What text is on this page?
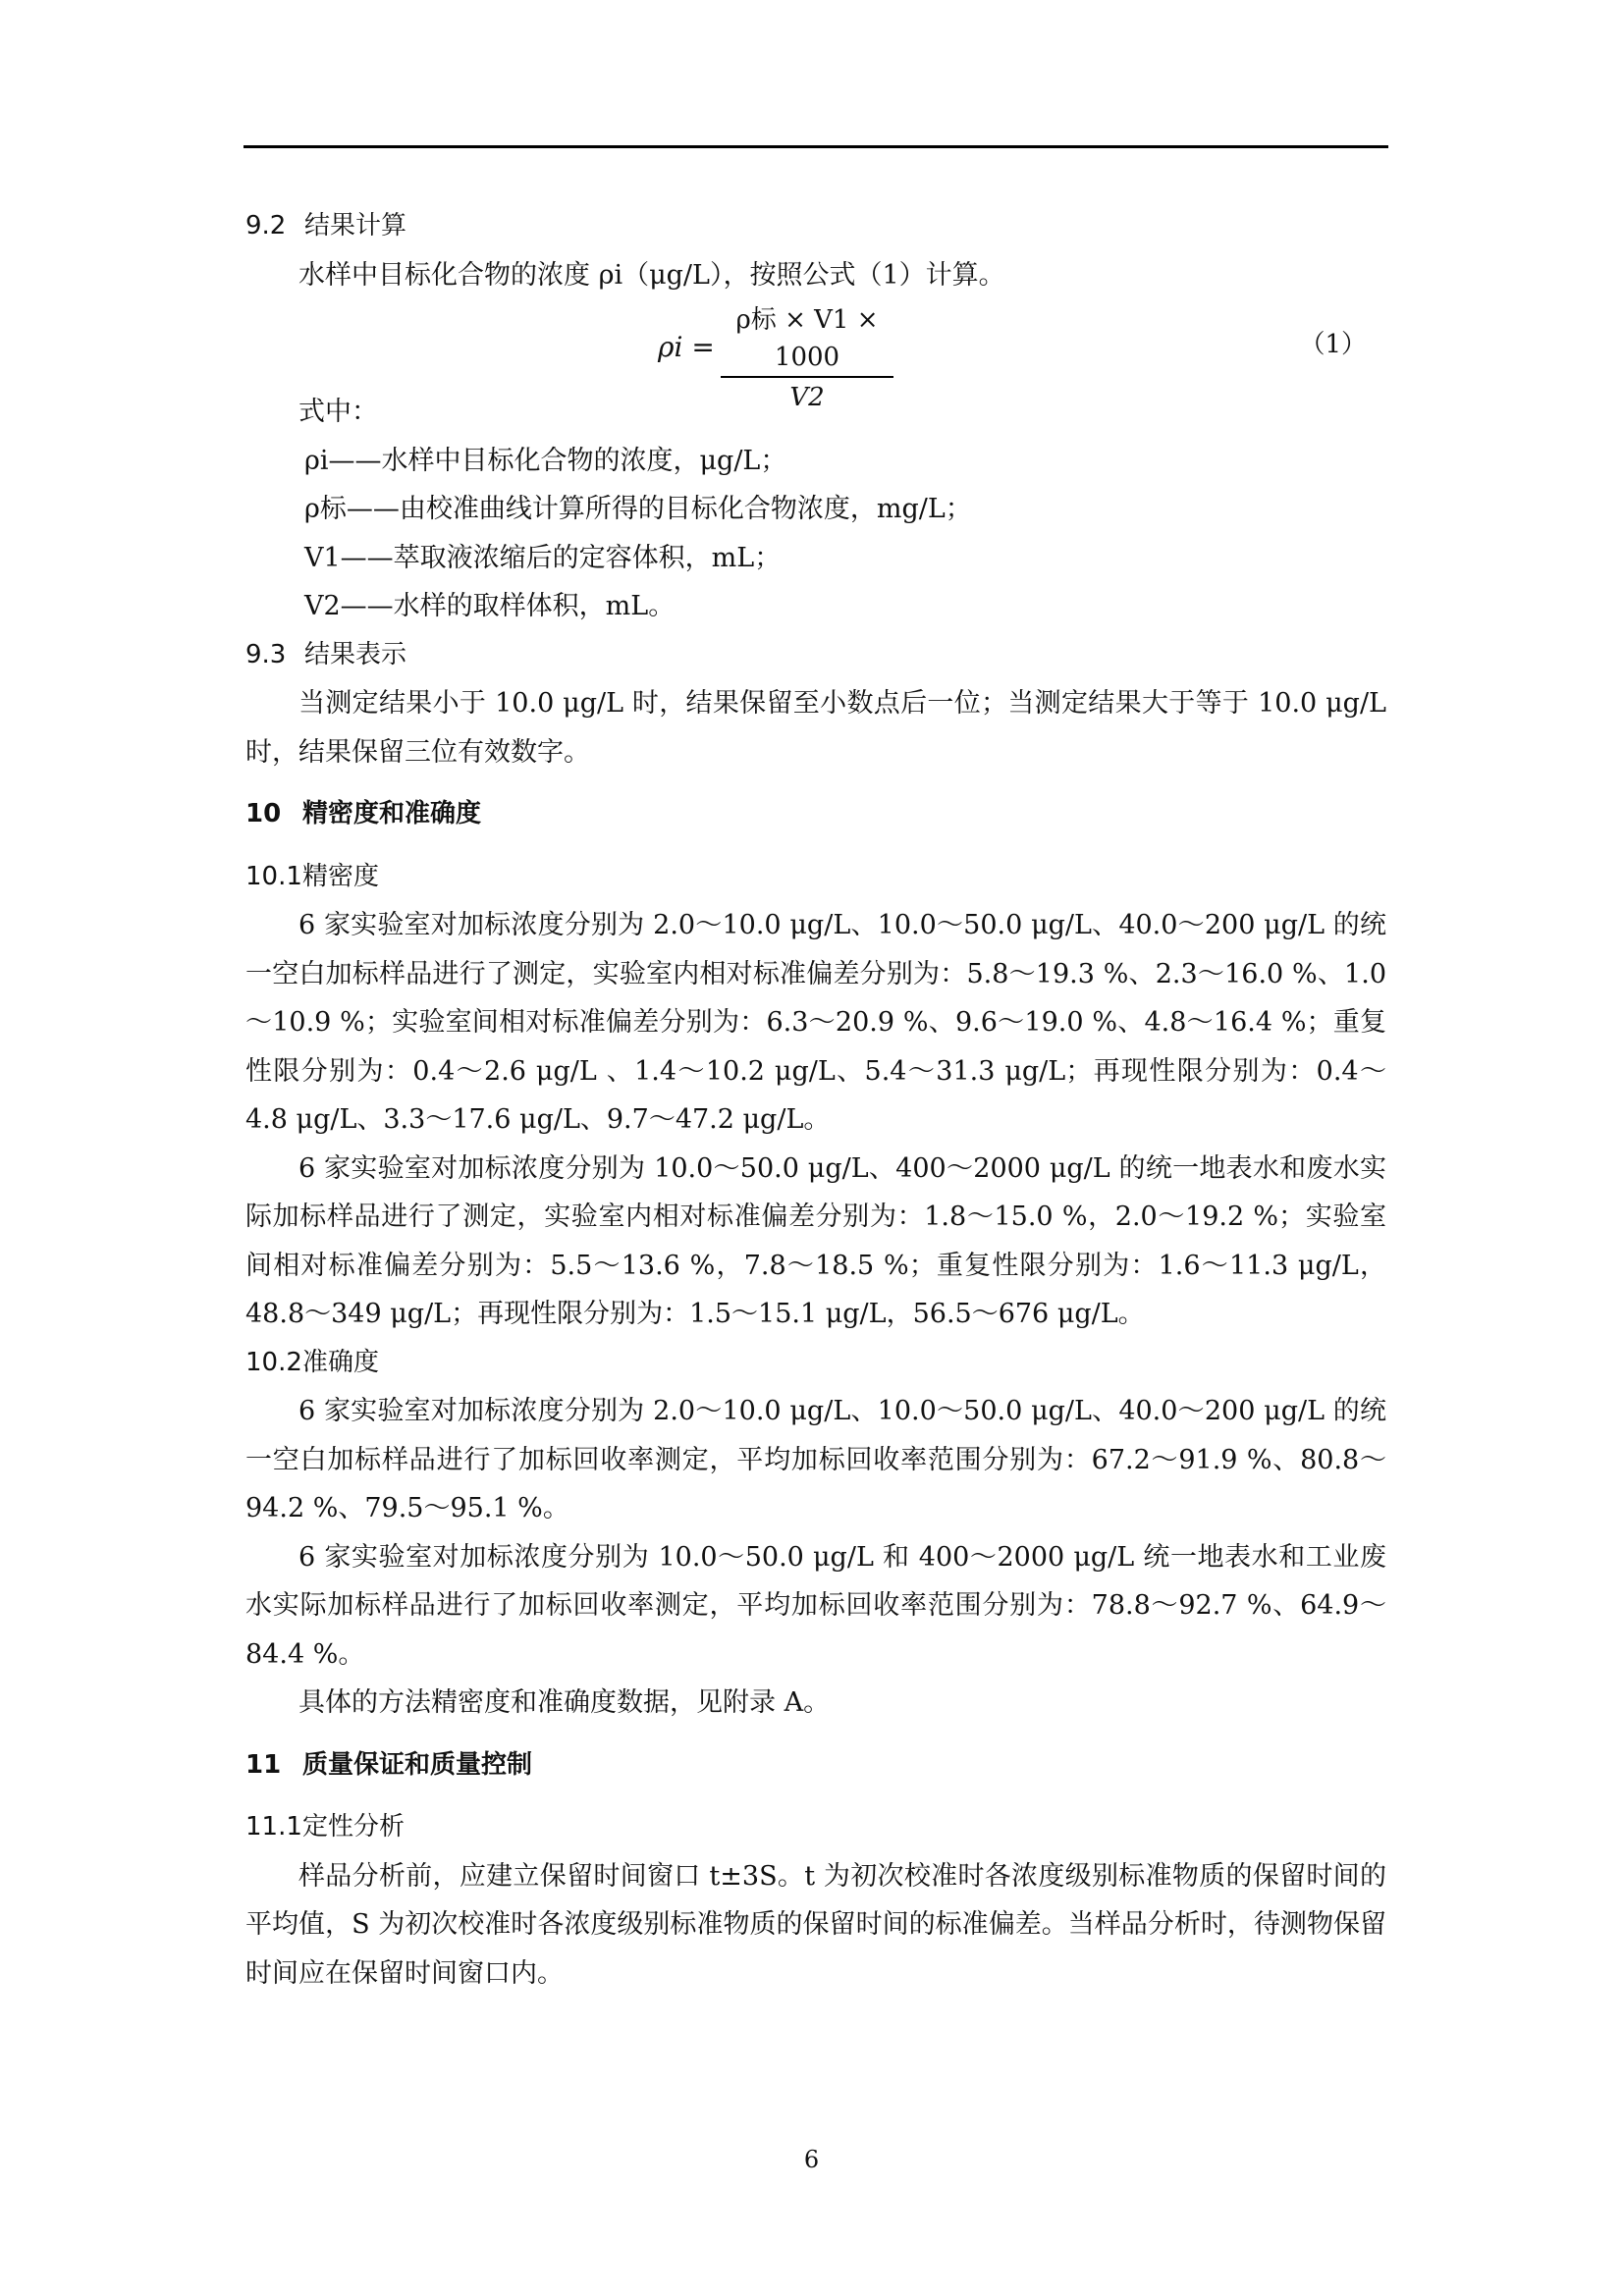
9.2 结果计算

水样中目标化合物的浓度 ρi（μg/L），按照公式（1）计算。

ρi =
ρ标 × V1 × 1000
V2
（1）

式中：

ρi——水样中目标化合物的浓度，μg/L；

ρ标——由校准曲线计算所得的目标化合物浓度，mg/L；

V1——萃取液浓缩后的定容体积，mL；

V2——水样的取样体积，mL。

9.3 结果表示

当测定结果小于 10.0 μg/L 时，结果保留至小数点后一位；当测定结果大于等于 10.0 μg/L 时，结果保留三位有效数字。

10 精密度和准确度

10.1精密度

6 家实验室对加标浓度分别为 2.0～10.0 μg/L、10.0～50.0 μg/L、40.0～200 μg/L 的统一空白加标样品进行了测定，实验室内相对标准偏差分别为：5.8～19.3 %、2.3～16.0 %、1.0～10.9 %；实验室间相对标准偏差分别为：6.3～20.9 %、9.6～19.0 %、4.8～16.4 %；重复性限分别为：0.4～2.6 μg/L 、1.4～10.2 μg/L、5.4～31.3 μg/L；再现性限分别为：0.4～4.8 μg/L、3.3～17.6 μg/L、9.7～47.2 μg/L。

6 家实验室对加标浓度分别为 10.0～50.0 μg/L、400～2000 μg/L 的统一地表水和废水实际加标样品进行了测定，实验室内相对标准偏差分别为：1.8～15.0 %，2.0～19.2 %；实验室间相对标准偏差分别为：5.5～13.6 %，7.8～18.5 %；重复性限分别为：1.6～11.3 μg/L，48.8～349 μg/L；再现性限分别为：1.5～15.1 μg/L，56.5～676 μg/L。

10.2准确度

6 家实验室对加标浓度分别为 2.0～10.0 μg/L、10.0～50.0 μg/L、40.0～200 μg/L 的统一空白加标样品进行了加标回收率测定，平均加标回收率范围分别为：67.2～91.9 %、80.8～94.2 %、79.5～95.1 %。

6 家实验室对加标浓度分别为 10.0～50.0 μg/L 和 400～2000 μg/L 统一地表水和工业废水实际加标样品进行了加标回收率测定，平均加标回收率范围分别为：78.8～92.7 %、64.9～84.4 %。

具体的方法精密度和准确度数据，见附录 A。

11 质量保证和质量控制

11.1定性分析

样品分析前，应建立保留时间窗口 t±3S。t 为初次校准时各浓度级别标准物质的保留时间的平均值，S 为初次校准时各浓度级别标准物质的保留时间的标准偏差。当样品分析时，待测物保留时间应在保留时间窗口内。

6
